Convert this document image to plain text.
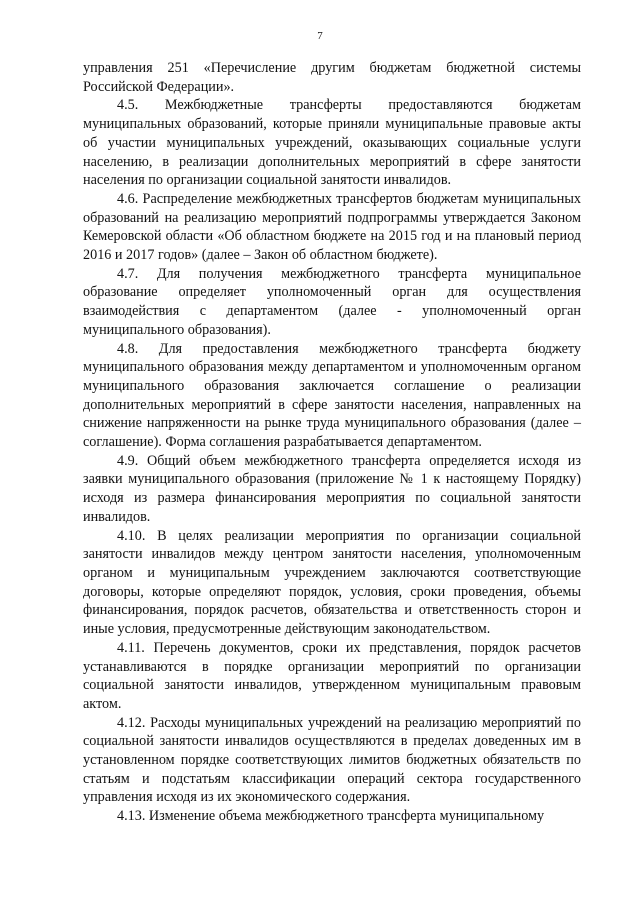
7

управления 251 «Перечисление другим бюджетам бюджетной системы Российской Федерации».

4.5. Межбюджетные трансферты предоставляются бюджетам муниципальных образований, которые приняли муниципальные правовые акты об участии муниципальных учреждений, оказывающих социальные услуги населению, в реализации дополнительных мероприятий в сфере занятости населения по организации социальной занятости инвалидов.

4.6. Распределение межбюджетных трансфертов бюджетам муниципальных образований на реализацию мероприятий подпрограммы утверждается Законом Кемеровской области «Об областном бюджете на 2015 год и на плановый период 2016 и 2017 годов» (далее – Закон об областном бюджете).

4.7. Для получения межбюджетного трансферта муниципальное образование определяет уполномоченный орган для осуществления взаимодействия с департаментом (далее - уполномоченный орган муниципального образования).

4.8. Для предоставления межбюджетного трансферта бюджету муниципального образования между департаментом и уполномоченным органом муниципального образования заключается соглашение о реализации дополнительных мероприятий в сфере занятости населения, направленных на снижение напряженности на рынке труда муниципального образования (далее – соглашение). Форма соглашения разрабатывается департаментом.

4.9. Общий объем межбюджетного трансферта определяется исходя из заявки муниципального образования (приложение № 1 к настоящему Порядку) исходя из размера финансирования мероприятия по социальной занятости инвалидов.

4.10. В целях реализации мероприятия по организации социальной занятости инвалидов между центром занятости населения, уполномоченным органом и муниципальным учреждением заключаются соответствующие договоры, которые определяют порядок, условия, сроки проведения, объемы финансирования, порядок расчетов, обязательства и ответственность сторон и иные условия, предусмотренные действующим законодательством.

4.11. Перечень документов, сроки их представления, порядок расчетов устанавливаются в порядке организации мероприятий по организации социальной занятости инвалидов, утвержденном муниципальным правовым актом.

4.12. Расходы муниципальных учреждений на реализацию мероприятий по социальной занятости инвалидов осуществляются в пределах доведенных им в установленном порядке соответствующих лимитов бюджетных обязательств по статьям и подстатьям классификации операций сектора государственного управления исходя из их экономического содержания.

4.13. Изменение объема межбюджетного трансферта муниципальному
